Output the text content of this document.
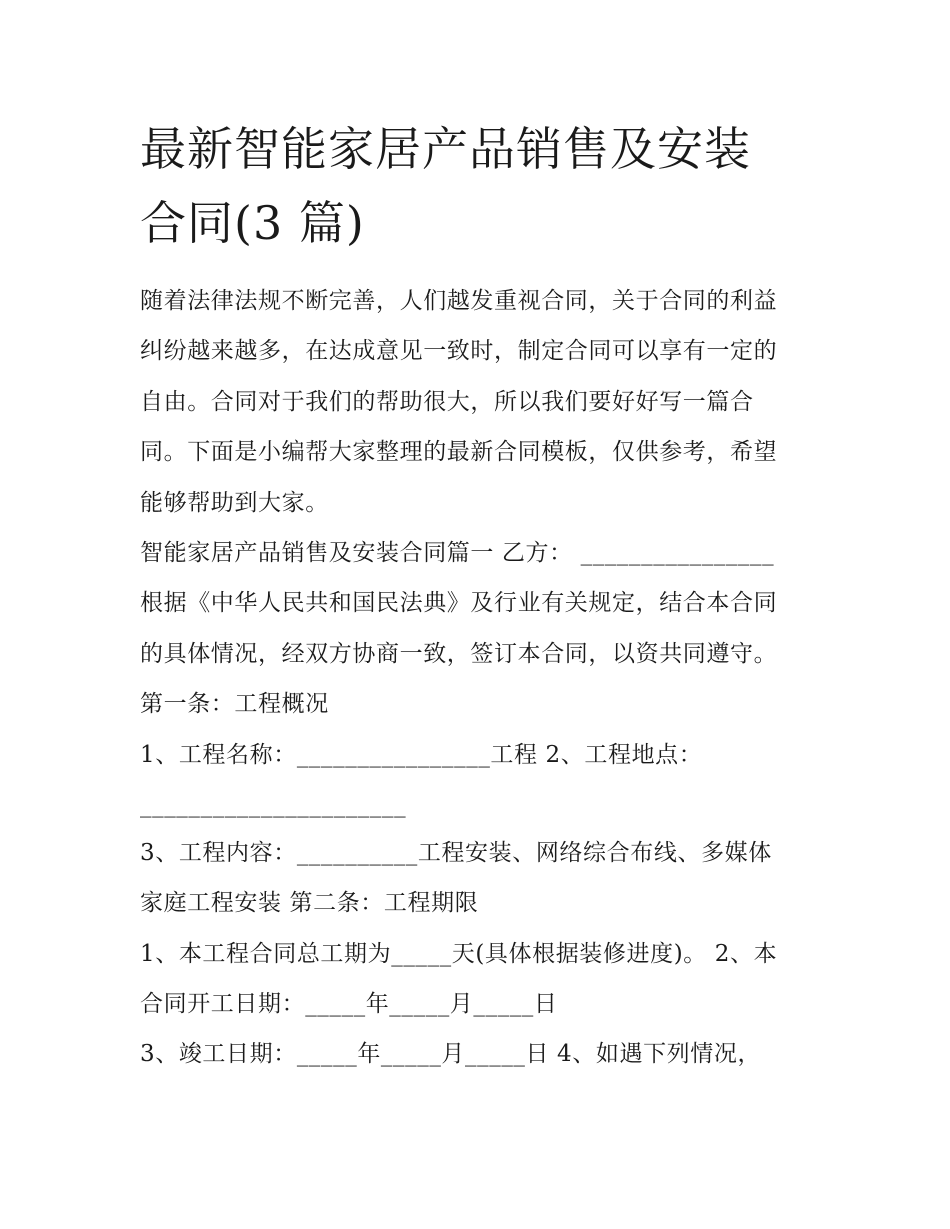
最新智能家居产品销售及安装
合同(3 篇)
随着法律法规不断完善，人们越发重视合同，关于合同的利益
纠纷越来越多，在达成意见一致时，制定合同可以享有一定的
自由。合同对于我们的帮助很大，所以我们要好好写一篇合
同。下面是小编帮大家整理的最新合同模板，仅供参考，希望
能够帮助到大家。
智能家居产品销售及安装合同篇一 乙方： ________________
根据《中华人民共和国民法典》及行业有关规定，结合本合同
的具体情况，经双方协商一致，签订本合同，以资共同遵守。
第一条：工程概况
1、工程名称：________________工程 2、工程地点：
______________________
3、工程内容：__________工程安装、网络综合布线、多媒体
家庭工程安装 第二条：工程期限
1、本工程合同总工期为_____天(具体根据装修进度)。 2、本
合同开工日期：_____年_____月_____日
3、竣工日期：_____年_____月_____日 4、如遇下列情况，
